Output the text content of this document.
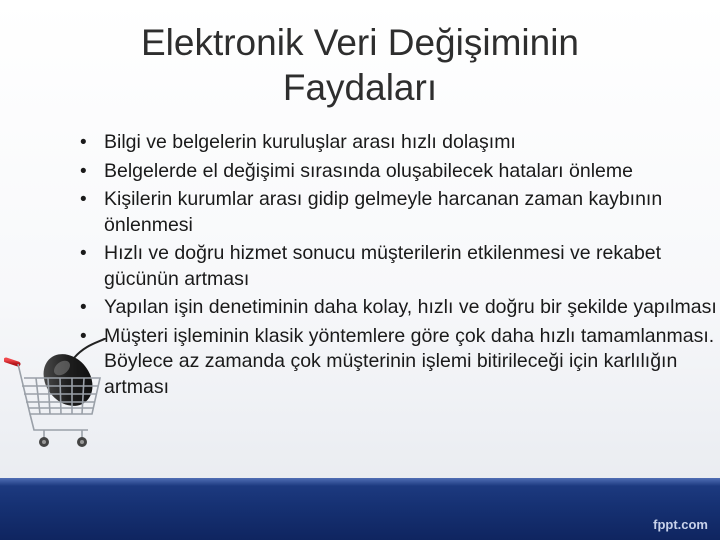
Elektronik Veri Değişiminin
Faydaları
• Bilgi ve belgelerin kuruluşlar arası hızlı dolaşımı
• Belgelerde el değişimi sırasında oluşabilecek hataları önleme
• Kişilerin kurumlar arası gidip gelmeyle harcanan zaman kaybının önlenmesi
• Hızlı ve doğru hizmet sonucu müşterilerin etkilenmesi ve rekabet gücünün artması
• Yapılan işin denetiminin daha kolay, hızlı ve doğru bir şekilde yapılması
• Müşteri işleminin klasik yöntemlere göre çok daha hızlı tamamlanması. Böylece az zamanda çok müşterinin işlemi bitirileceği için karlılığın artması
fppt.com
